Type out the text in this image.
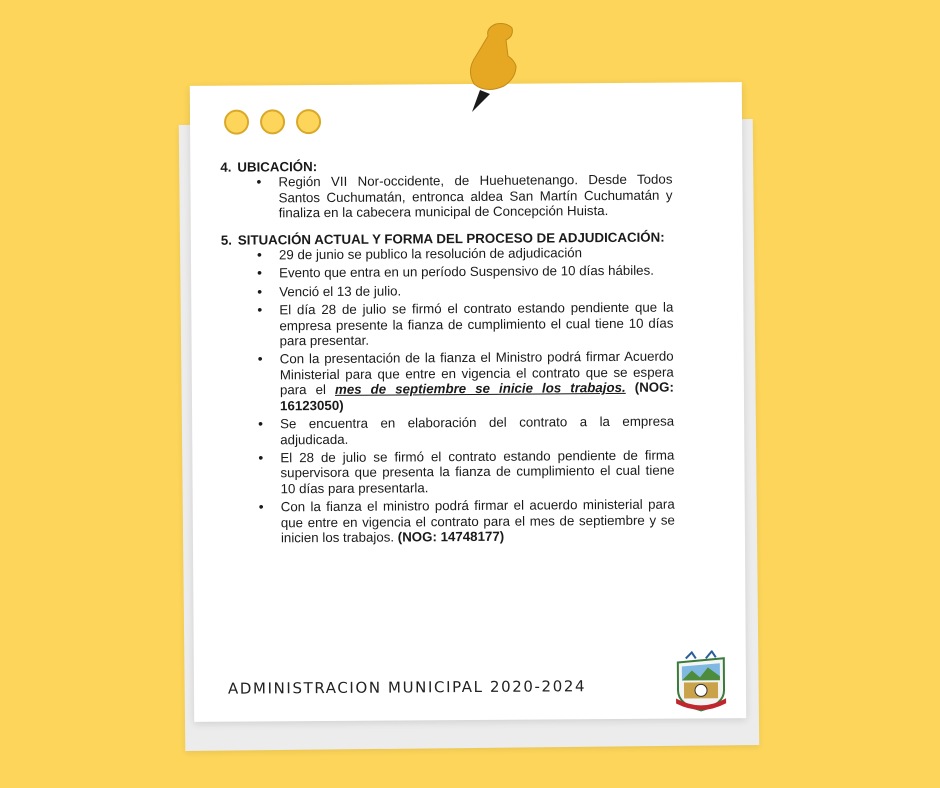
4. UBICACIÓN:
• Región VII Nor-occidente, de Huehuetenango. Desde Todos Santos Cuchumatán, entronca aldea San Martín Cuchumatán y finaliza en la cabecera municipal de Concepción Huista.
5. SITUACIÓN ACTUAL Y FORMA DEL PROCESO DE ADJUDICACIÓN:
• 29 de junio se publico la resolución de adjudicación
• Evento que entra en un período Suspensivo de 10 días hábiles.
• Venció el 13 de julio.
• El día 28 de julio se firmó el contrato estando pendiente que la empresa presente la fianza de cumplimiento el cual tiene 10 días para presentar.
• Con la presentación de la fianza el Ministro podrá firmar Acuerdo Ministerial para que entre en vigencia el contrato que se espera para el mes de septiembre se inicie los trabajos. (NOG: 16123050)
• Se encuentra en elaboración del contrato a la empresa adjudicada.
• El 28 de julio se firmó el contrato estando pendiente de firma supervisora que presenta la fianza de cumplimiento el cual tiene 10 días para presentarla.
• Con la fianza el ministro podrá firmar el acuerdo ministerial para que entre en vigencia el contrato para el mes de septiembre y se inicien los trabajos. (NOG: 14748177)
ADMINISTRACION MUNICIPAL 2020-2024
